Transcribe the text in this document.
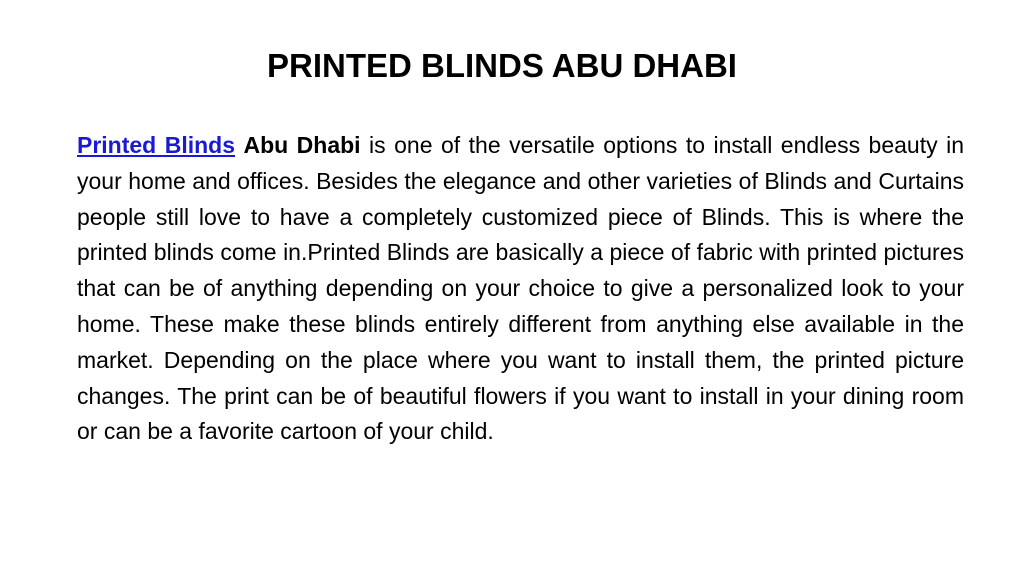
PRINTED BLINDS ABU DHABI

Printed Blinds Abu Dhabi is one of the versatile options to install endless beauty in your home and offices. Besides the elegance and other varieties of Blinds and Curtains people still love to have a completely customized piece of Blinds. This is where the printed blinds come in.Printed Blinds are basically a piece of fabric with printed pictures that can be of anything depending on your choice to give a personalized look to your home. These make these blinds entirely different from anything else available in the market. Depending on the place where you want to install them, the printed picture changes. The print can be of beautiful flowers if you want to install in your dining room or can be a favorite cartoon of your child.
